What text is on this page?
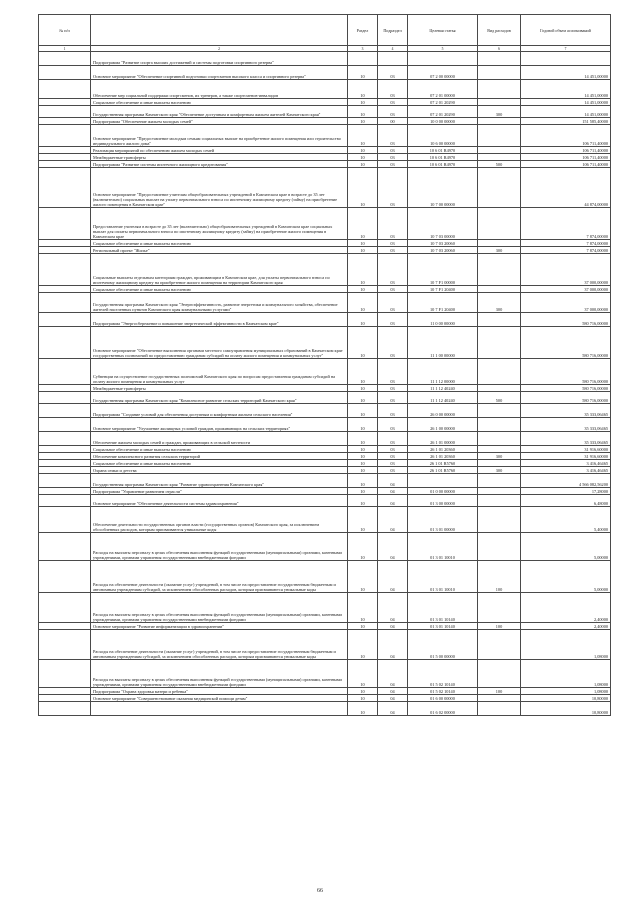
№ п/п		Раздел	Подраздел	Целевая статья	Вид расходов	Годовой объем ассигнований
1	2	3	4	5	6	7
	Подпрограмма "Развитие спорта высших достижений и системы подготовки спортивного резерва"					
	Основное мероприятие "Обеспечение спортивной подготовки спортсменов высокого класса и спортивного резерва"	10	03	07 2 00 00000		14 451,00000
	Обеспечение мер социальной поддержки спортсменов, их тренеров, а также спортсменов-инвалидов	10	03	07 2 01 00000		14 451,00000
	Социальное обеспечение и иные выплаты населению	10	03	07 2 01 20290		14 451,00000
	Государственная программа Камчатского края "Обеспечение доступным и комфортным жильем жителей Камчатского края"	10	03	07 2 01 20290	300	14 451,00000
	Подпрограмма "Обеспечение жильем молодых семей"	10	00	10 0 00 00000		151 585,40000
	Основное мероприятие "Предоставление молодым семьям социальных выплат на приобретение жилого помещения или строительство индивидуального жилого дома"	10	03	10 6 00 00000		106 711,40000
	Реализация мероприятий по обеспечению жильем молодых семей	10	03	10 6 01 R4970		106 711,40000
	Межбюджетные трансферты	10	03	10 6 01 R4970		106 711,40000
	Подпрограмма "Развитие системы ипотечного жилищного кредитования"	10	03	10 6 01 R4970	500	106 711,40000
	Основное мероприятие "Предоставление учителям общеобразовательных учреждений в Камчатском крае в возрасте до 35 лет (включительно) социальных выплат на уплату первоначального взноса по ипотечному жилищному кредиту (займу) на приобретение жилого помещения в Камчатском крае"	10	03	10 7 00 00000		44 874,00000
	Предоставление учителям в возрасте до 35 лет (включительно) общеобразовательных учреждений в Камчатском крае социальных выплат для оплаты первоначального взноса по ипотечному жилищному кредиту (займу) на приобретение жилого помещения в Камчатском крае	10	03	10 7 03 00000		7 874,00000
	Социальное обеспечение и иные выплаты населению	10	03	10 7 03 20060		7 874,00000
	Региональный проект "Жилье"	10	03	10 7 03 20060	300	7 874,00000
	Социальные выплаты отдельным категориям граждан, проживающим в Камчатском крае, для уплаты первоначального взноса по ипотечному жилищному кредиту на приобретение жилого помещения на территории Камчатского края	10	03	10 7 F1 00000		37 000,00000
	Социальное обеспечение и иные выплаты населению	10	03	10 7 F1 20400		37 000,00000
	Государственная программа Камчатского края "Энергоэффективность, развитие энергетики и коммунального хозяйства, обеспечение жителей населенных пунктов Камчатского края коммунальными услугами"	10	03	10 7 F1 20400	300	37 000,00000
	Подпрограмма "Энергосбережение и повышение энергетической эффективности в Камчатском крае"	10	03	11 0 00 00000		580 716,00000
	Основное мероприятие "Обеспечение выполнения органами местного самоуправления муниципальных образований в Камчатском крае государственных полномочий по предоставлению гражданам субсидий на оплату жилого помещения и коммунальных услуг"	10	03	11 1 00 00000		580 716,00000
	Субвенции на осуществление государственных полномочий Камчатского края по вопросам предоставления гражданам субсидий на оплату жилого помещения и коммунальных услуг	10	03	11 1 12 00000		580 716,00000
	Межбюджетные трансферты	10	03	11 1 12 40240		580 716,00000
	Государственная программа Камчатского края "Комплексное развитие сельских территорий Камчатского края"	10	03	11 1 12 40240	500	580 716,00000
	Подпрограмма "Создание условий для обеспечения доступным и комфортным жильем сельского населения"	10	03	26 0 00 00000		35 333,06465
	Основное мероприятие "Улучшение жилищных условий граждан, проживающих на сельских территориях"	10	03	26 1 00 00000		35 333,06465
	Обеспечение жильем молодых семей и граждан, проживающих в сельской местности	10	03	26 1 01 00000		35 333,06465
	Социальное обеспечение и иные выплаты населению	10	03	26 1 01 20360		31 916,60000
	Обеспечение комплексного развития сельских территорий	10	03	26 1 01 20360	300	31 916,60000
	Социальное обеспечение и иные выплаты населению	10	03	26 1 01 R5760		3 416,46465
	Охрана семьи и детства	10	03	26 1 01 R5760	300	3 416,46465
	Государственная программа Камчатского края "Развитие здравоохранения Камчатского края"	10	04			4 566 082,56200
	Подпрограмма "Управление развитием отрасли"	10	04	01 0 00 00000		17,28000
	Основное мероприятие "Обеспечение деятельности системы здравоохранения"	10	04	01 3 00 00000		6,48000
	Обеспечение деятельности государственных органов власти (государственных органов) Камчатского края, за исключением обособленных расходов, которым присваиваются уникальные коды	10	04	01 3 01 00000		5,40000
	Расходы на выплаты персоналу в целях обеспечения выполнения функций государственными (муниципальными) органами, казенными учреждениями, органами управления государственными внебюджетными фондами	10	04	01 3 01 10010		5,00000
	Расходы на обеспечение деятельности (оказание услуг) учреждений, в том числе на предоставление государственным бюджетным и автономным учреждениям субсидий, за исключением обособленных расходов, которым присваиваются уникальные коды	10	04	01 3 01 10010	100	5,00000
	Расходы на выплаты персоналу в целях обеспечения выполнения функций государственными (муниципальными) органами, казенными учреждениями, органами управления государственными внебюджетными фондами	10	04	01 3 01 10140		2,40000
	Основное мероприятие "Развитие информатизации в здравоохранении"	10	04	01 3 01 10140	100	2,40000
	Расходы на обеспечение деятельности (оказание услуг) учреждений, в том числе на предоставление государственным бюджетным и автономным учреждениям субсидий, за исключением обособленных расходов, которым присваиваются уникальные коды	10	04	01 5 00 00000		1,08000
	Расходы на выплаты персоналу в целях обеспечения выполнения функций государственными (муниципальными) органами, казенными учреждениями, органами управления государственными внебюджетными фондами	10	04	01 5 02 10140		1,08000
	Подпрограмма "Охрана здоровья матери и ребенка"	10	04	01 5 02 10140	100	1,08000
	Основное мероприятие "Совершенствование оказания медицинской помощи детям"	10	04	01 6 00 00000		10,80000
		10	04	01 6 02 00000		10,80000
66
